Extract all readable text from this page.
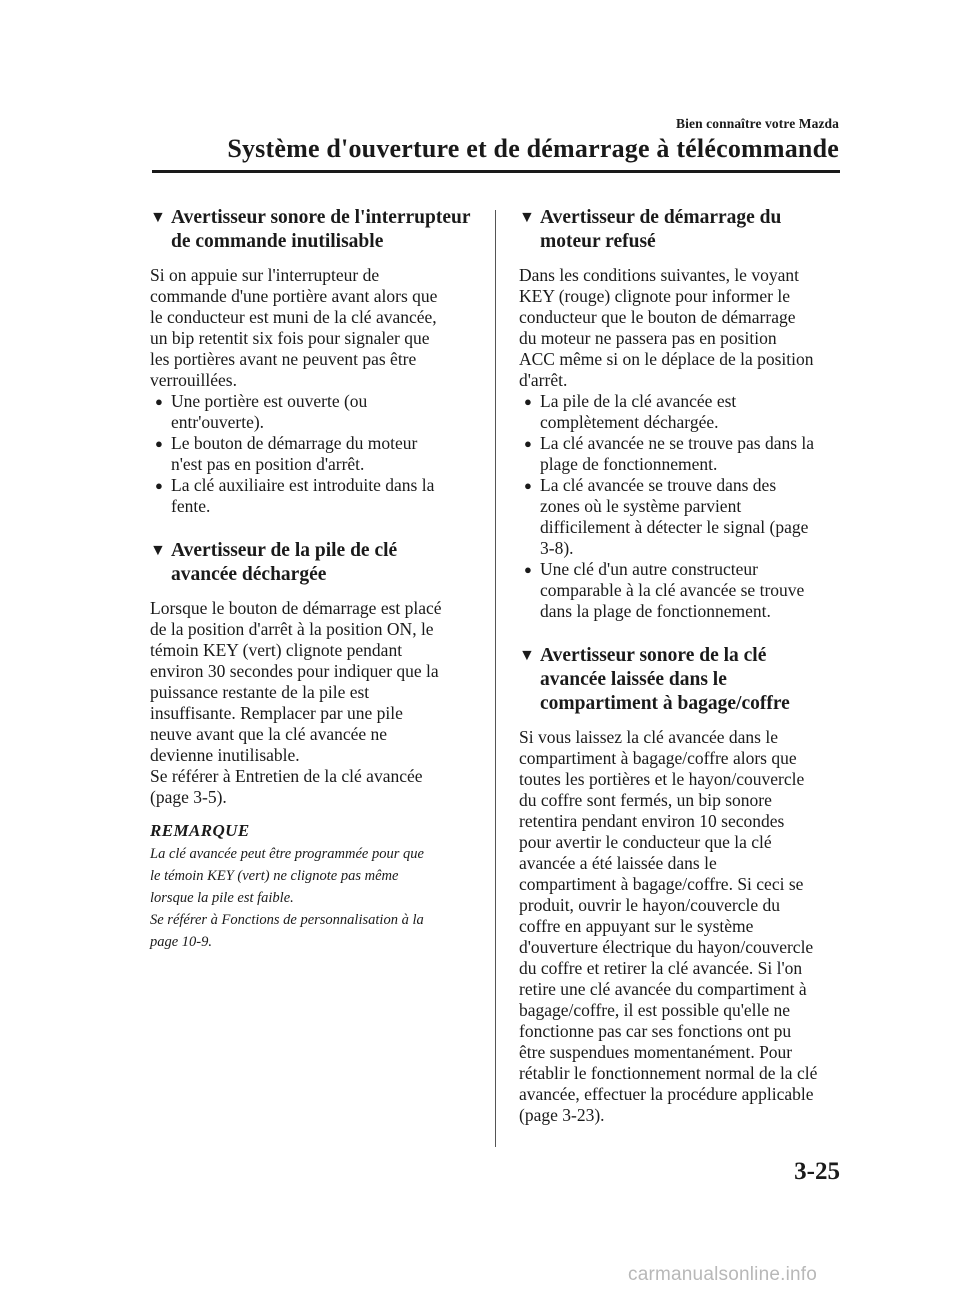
Bien connaître votre Mazda
Système d'ouverture et de démarrage à télécommande
▼ Avertisseur sonore de l'interrupteur
de commande inutilisable
Si on appuie sur l'interrupteur de
commande d'une portière avant alors que
le conducteur est muni de la clé avancée,
un bip retentit six fois pour signaler que
les portières avant ne peuvent pas être
verrouillées.
● Une portière est ouverte (ou
entr'ouverte).
● Le bouton de démarrage du moteur
n'est pas en position d'arrêt.
● La clé auxiliaire est introduite dans la
fente.
▼ Avertisseur de la pile de clé
avancée déchargée
Lorsque le bouton de démarrage est placé
de la position d'arrêt à la position ON, le
témoin KEY (vert) clignote pendant
environ 30 secondes pour indiquer que la
puissance restante de la pile est
insuffisante. Remplacer par une pile
neuve avant que la clé avancée ne
devienne inutilisable.
Se référer à Entretien de la clé avancée
(page 3-5).
REMARQUE
La clé avancée peut être programmée pour que
le témoin KEY (vert) ne clignote pas même
lorsque la pile est faible.
Se référer à Fonctions de personnalisation à la
page 10-9.
▼ Avertisseur de démarrage du
moteur refusé
Dans les conditions suivantes, le voyant
KEY (rouge) clignote pour informer le
conducteur que le bouton de démarrage
du moteur ne passera pas en position
ACC même si on le déplace de la position
d'arrêt.
● La pile de la clé avancée est
complètement déchargée.
● La clé avancée ne se trouve pas dans la
plage de fonctionnement.
● La clé avancée se trouve dans des
zones où le système parvient
difficilement à détecter le signal (page
3-8).
● Une clé d'un autre constructeur
comparable à la clé avancée se trouve
dans la plage de fonctionnement.
▼ Avertisseur sonore de la clé
avancée laissée dans le
compartiment à bagage/coffre
Si vous laissez la clé avancée dans le
compartiment à bagage/coffre alors que
toutes les portières et le hayon/couvercle
du coffre sont fermés, un bip sonore
retentira pendant environ 10 secondes
pour avertir le conducteur que la clé
avancée a été laissée dans le
compartiment à bagage/coffre. Si ceci se
produit, ouvrir le hayon/couvercle du
coffre en appuyant sur le système
d'ouverture électrique du hayon/couvercle
du coffre et retirer la clé avancée. Si l'on
retire une clé avancée du compartiment à
bagage/coffre, il est possible qu'elle ne
fonctionne pas car ses fonctions ont pu
être suspendues momentanément. Pour
rétablir le fonctionnement normal de la clé
avancée, effectuer la procédure applicable
(page 3-23).
3-25
carmanualsonline.info
